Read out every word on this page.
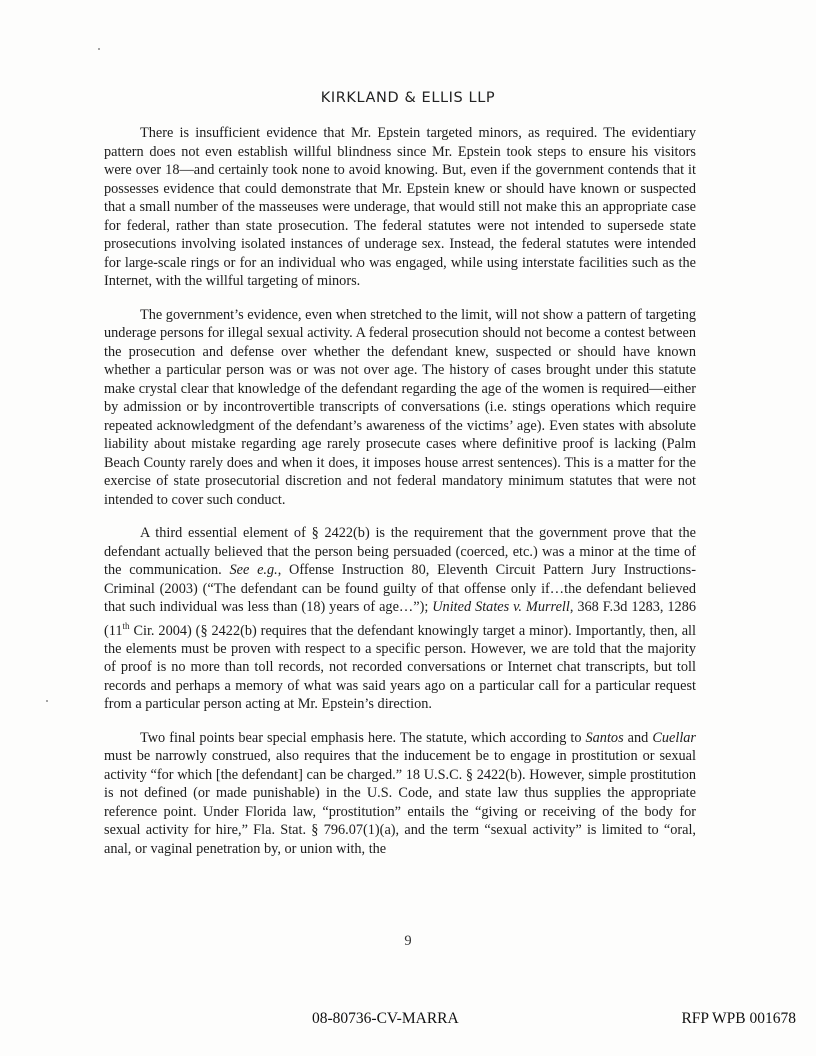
KIRKLAND & ELLIS LLP

There is insufficient evidence that Mr. Epstein targeted minors, as required. The evidentiary pattern does not even establish willful blindness since Mr. Epstein took steps to ensure his visitors were over 18—and certainly took none to avoid knowing. But, even if the government contends that it possesses evidence that could demonstrate that Mr. Epstein knew or should have known or suspected that a small number of the masseuses were underage, that would still not make this an appropriate case for federal, rather than state prosecution. The federal statutes were not intended to supersede state prosecutions involving isolated instances of underage sex. Instead, the federal statutes were intended for large-scale rings or for an individual who was engaged, while using interstate facilities such as the Internet, with the willful targeting of minors.

The government’s evidence, even when stretched to the limit, will not show a pattern of targeting underage persons for illegal sexual activity. A federal prosecution should not become a contest between the prosecution and defense over whether the defendant knew, suspected or should have known whether a particular person was or was not over age. The history of cases brought under this statute make crystal clear that knowledge of the defendant regarding the age of the women is required—either by admission or by incontrovertible transcripts of conversations (i.e. stings operations which require repeated acknowledgment of the defendant’s awareness of the victims’ age). Even states with absolute liability about mistake regarding age rarely prosecute cases where definitive proof is lacking (Palm Beach County rarely does and when it does, it imposes house arrest sentences). This is a matter for the exercise of state prosecutorial discretion and not federal mandatory minimum statutes that were not intended to cover such conduct.

A third essential element of § 2422(b) is the requirement that the government prove that the defendant actually believed that the person being persuaded (coerced, etc.) was a minor at the time of the communication. See e.g., Offense Instruction 80, Eleventh Circuit Pattern Jury Instructions-Criminal (2003) (“The defendant can be found guilty of that offense only if…the defendant believed that such individual was less than (18) years of age…”); United States v. Murrell, 368 F.3d 1283, 1286 (11th Cir. 2004) (§ 2422(b) requires that the defendant knowingly target a minor). Importantly, then, all the elements must be proven with respect to a specific person. However, we are told that the majority of proof is no more than toll records, not recorded conversations or Internet chat transcripts, but toll records and perhaps a memory of what was said years ago on a particular call for a particular request from a particular person acting at Mr. Epstein’s direction.

Two final points bear special emphasis here. The statute, which according to Santos and Cuellar must be narrowly construed, also requires that the inducement be to engage in prostitution or sexual activity “for which [the defendant] can be charged.” 18 U.S.C. § 2422(b). However, simple prostitution is not defined (or made punishable) in the U.S. Code, and state law thus supplies the appropriate reference point. Under Florida law, “prostitution” entails the “giving or receiving of the body for sexual activity for hire,” Fla. Stat. § 796.07(1)(a), and the term “sexual activity” is limited to “oral, anal, or vaginal penetration by, or union with, the

9
08-80736-CV-MARRA	RFP WPB 001678
